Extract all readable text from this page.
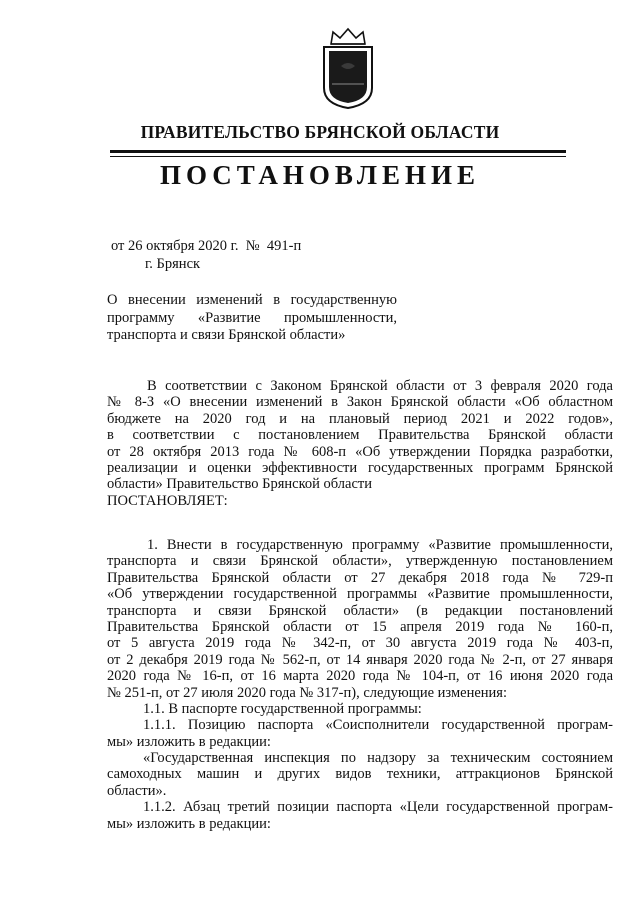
ПРАВИТЕЛЬСТВО БРЯНСКОЙ ОБЛАСТИ
ПОСТАНОВЛЕНИЕ
от 26 октября 2020 г.  №  491-п
г. Брянск
О внесении изменений в государственную
программу «Развитие промышленности,
транспорта и связи Брянской области»
В соответствии с Законом Брянской области от 3 февраля 2020 года
№ 8-З «О внесении изменений в Закон Брянской области «Об областном
бюджете на 2020 год и на плановый период 2021 и 2022 годов»,
в соответствии с постановлением Правительства Брянской области
от 28 октября 2013 года № 608-п «Об утверждении Порядка разработки,
реализации и оценки эффективности государственных программ Брянской
области» Правительство Брянской области
ПОСТАНОВЛЯЕТ:
1. Внести в государственную программу «Развитие промышленности,
транспорта и связи Брянской области», утвержденную постановлением
Правительства Брянской области от 27 декабря 2018 года № 729-п
«Об утверждении государственной программы «Развитие промышленности,
транспорта и связи Брянской области» (в редакции постановлений
Правительства Брянской области от 15 апреля 2019 года № 160-п,
от 5 августа 2019 года № 342-п, от 30 августа 2019 года № 403-п,
от 2 декабря 2019 года № 562-п, от 14 января 2020 года № 2-п, от 27 января
2020 года № 16-п, от 16 марта 2020 года № 104-п, от 16 июня 2020 года
№ 251-п, от 27 июля 2020 года № 317-п), следующие изменения:
1.1. В паспорте государственной программы:
1.1.1. Позицию паспорта «Соисполнители государственной програм-
мы» изложить в редакции:
«Государственная инспекция по надзору за техническим состоянием
самоходных машин и других видов техники, аттракционов Брянской
области».
1.1.2. Абзац третий позиции паспорта «Цели государственной програм-
мы» изложить в редакции:
